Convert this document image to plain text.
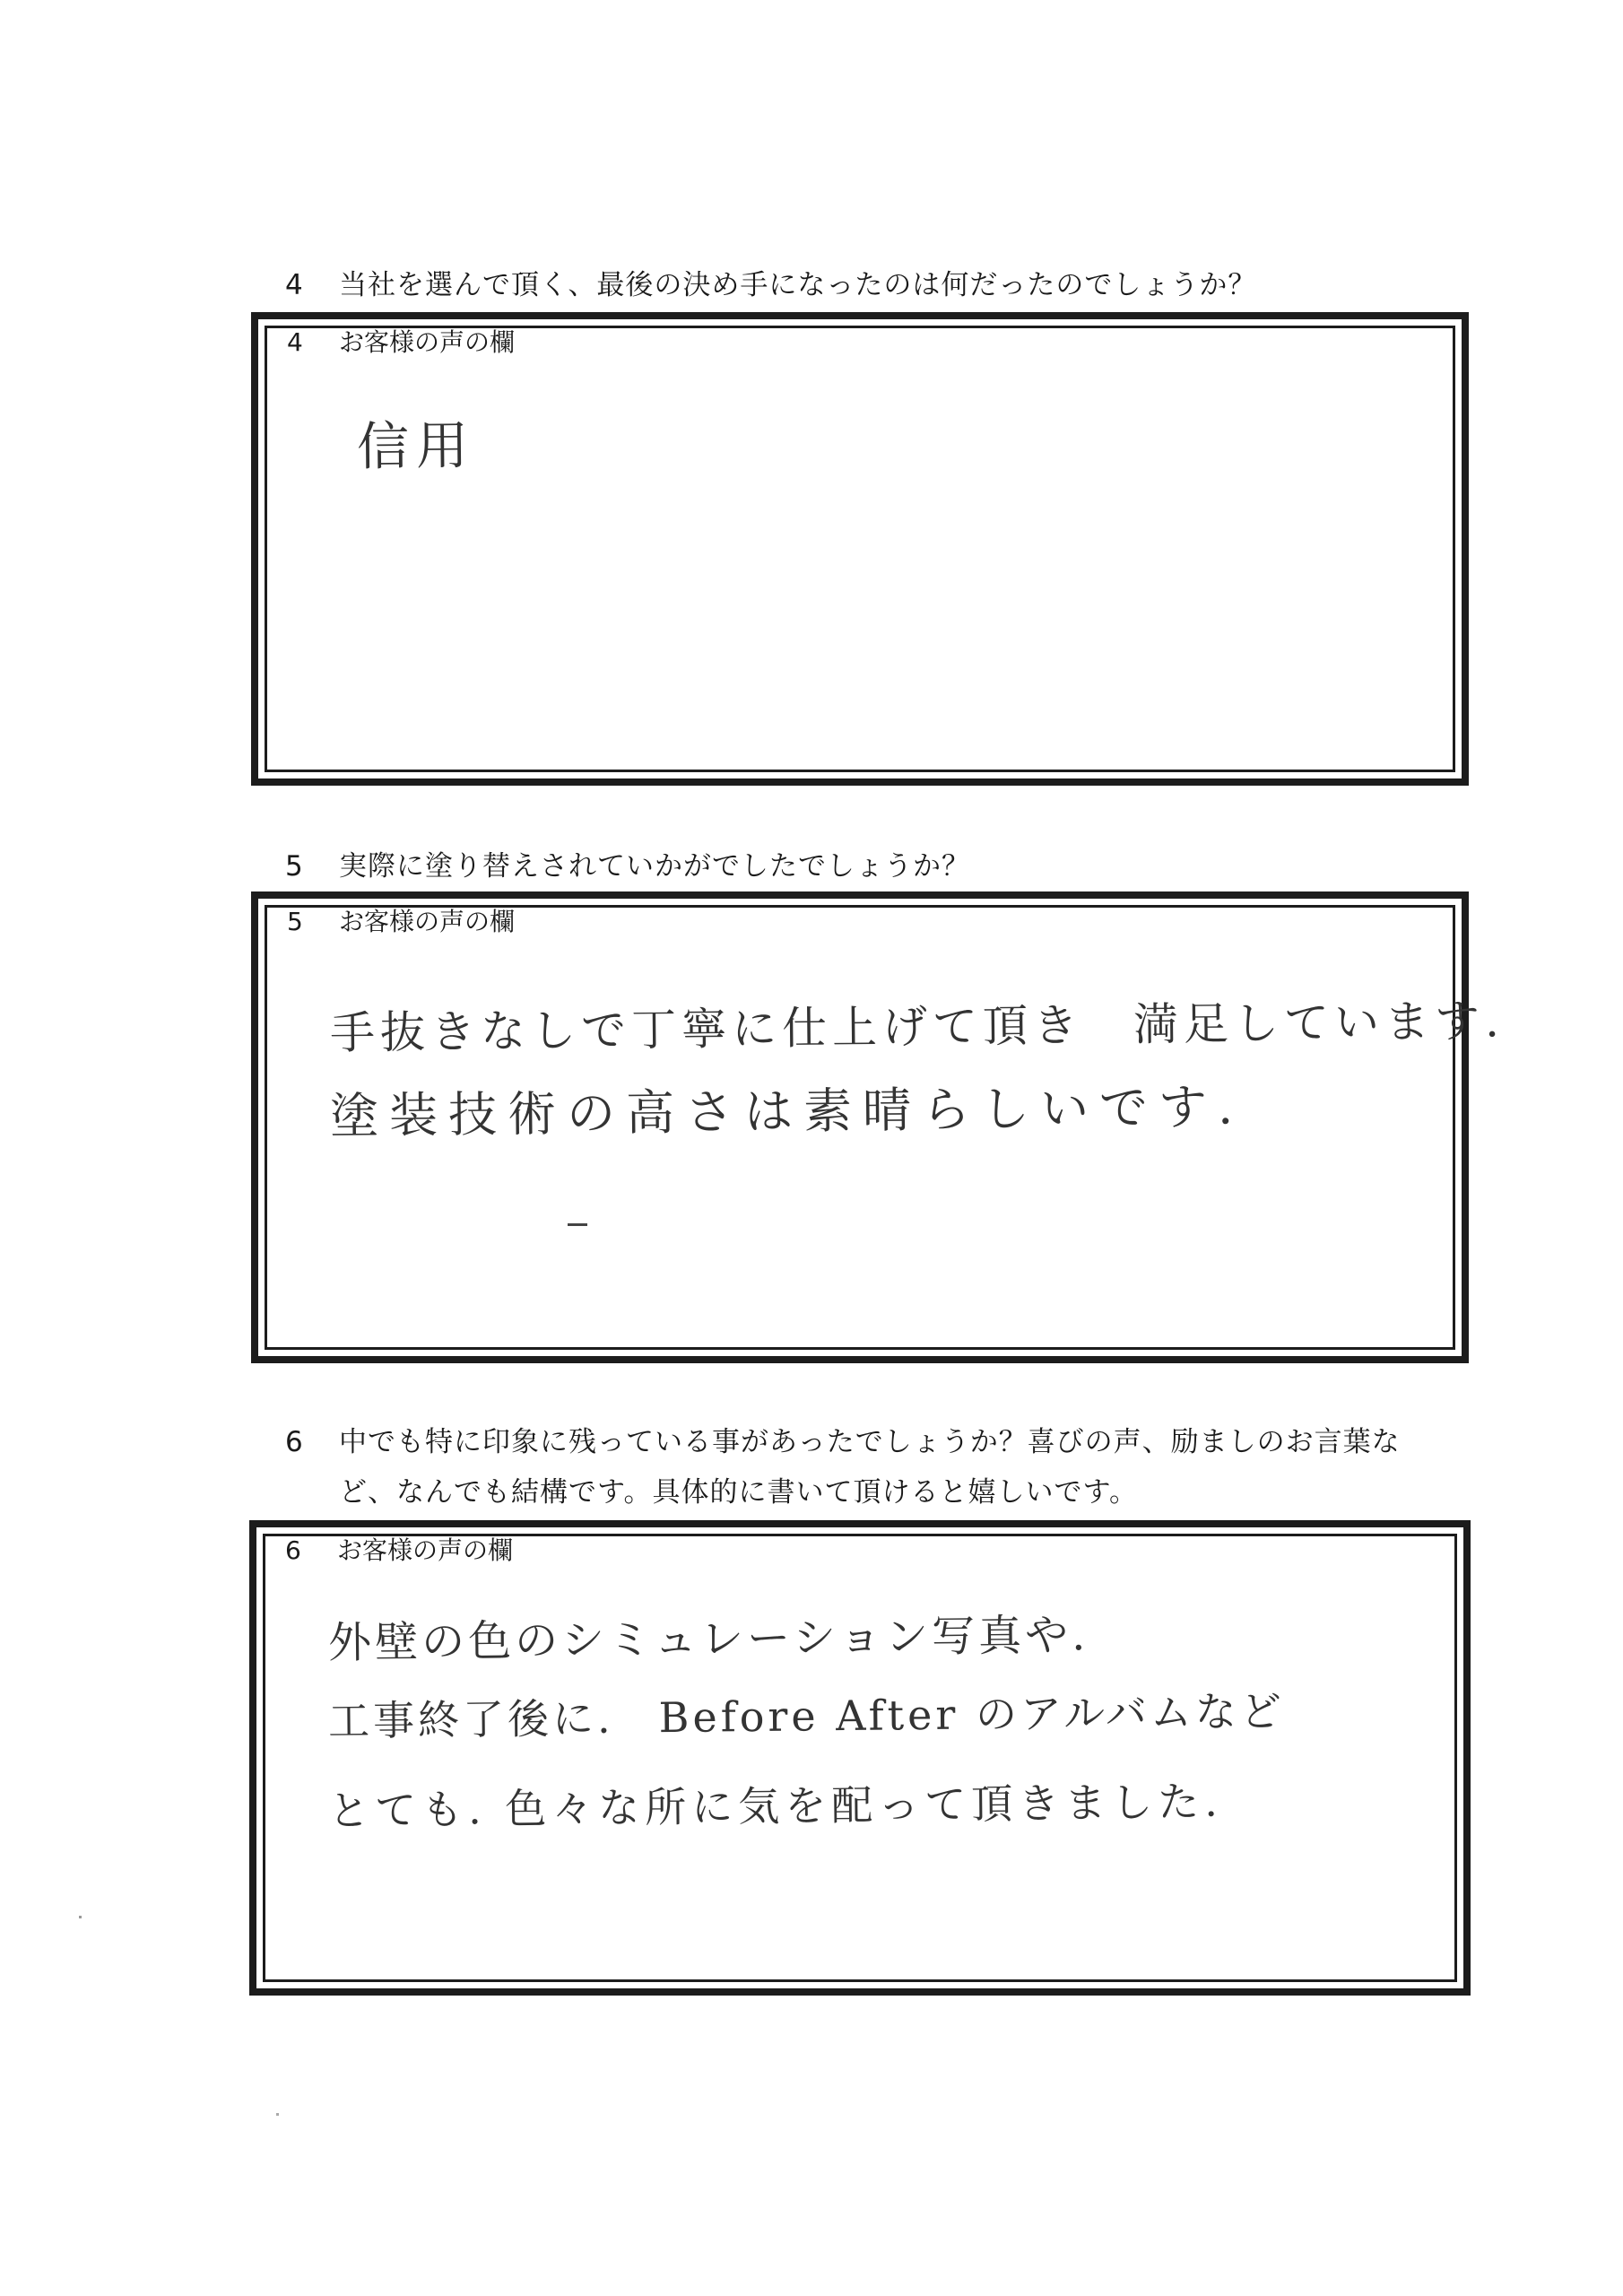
4	当社を選んで頂く、最後の決め手になったのは何だったのでしょうか？
4 お客様の声の欄
信用
5	実際に塗り替えされていかがでしたでしょうか？
5 お客様の声の欄
手抜きなしで丁寧に仕上げて頂き　満足しています.
塗装技術の高さは素晴らしいです.
6	中でも特に印象に残っている事があったでしょうか？喜びの声、励ましのお言葉な
ど、なんでも結構です。具体的に書いて頂けると嬉しいです。
6 お客様の声の欄
外壁の色のシミュレーション写真や.
工事終了後に.　Before After のアルバムなど
とても. 色々な所に気を配って頂きました.
